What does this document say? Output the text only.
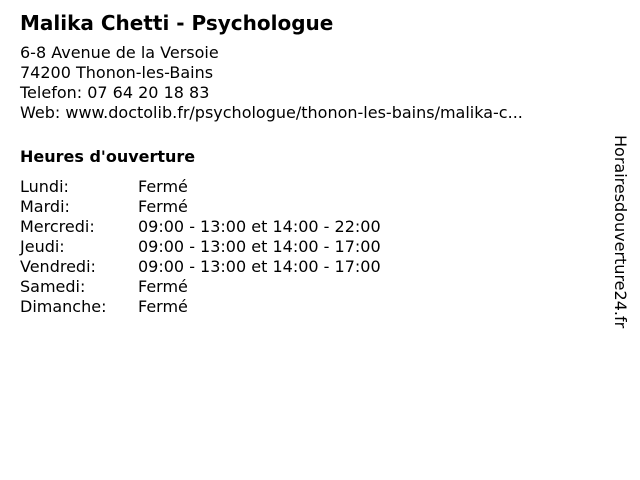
Malika Chetti - Psychologue
6-8 Avenue de la Versoie
74200 Thonon-les-Bains
Telefon: 07 64 20 18 83
Web: www.doctolib.fr/psychologue/thonon-les-bains/malika-c...
Heures d'ouverture
Lundi:	Fermé
Mardi:	Fermé
Mercredi:	09:00 - 13:00 et 14:00 - 22:00
Jeudi:	09:00 - 13:00 et 14:00 - 17:00
Vendredi:	09:00 - 13:00 et 14:00 - 17:00
Samedi:	Fermé
Dimanche:	Fermé	Horairesdouverture24.fr
